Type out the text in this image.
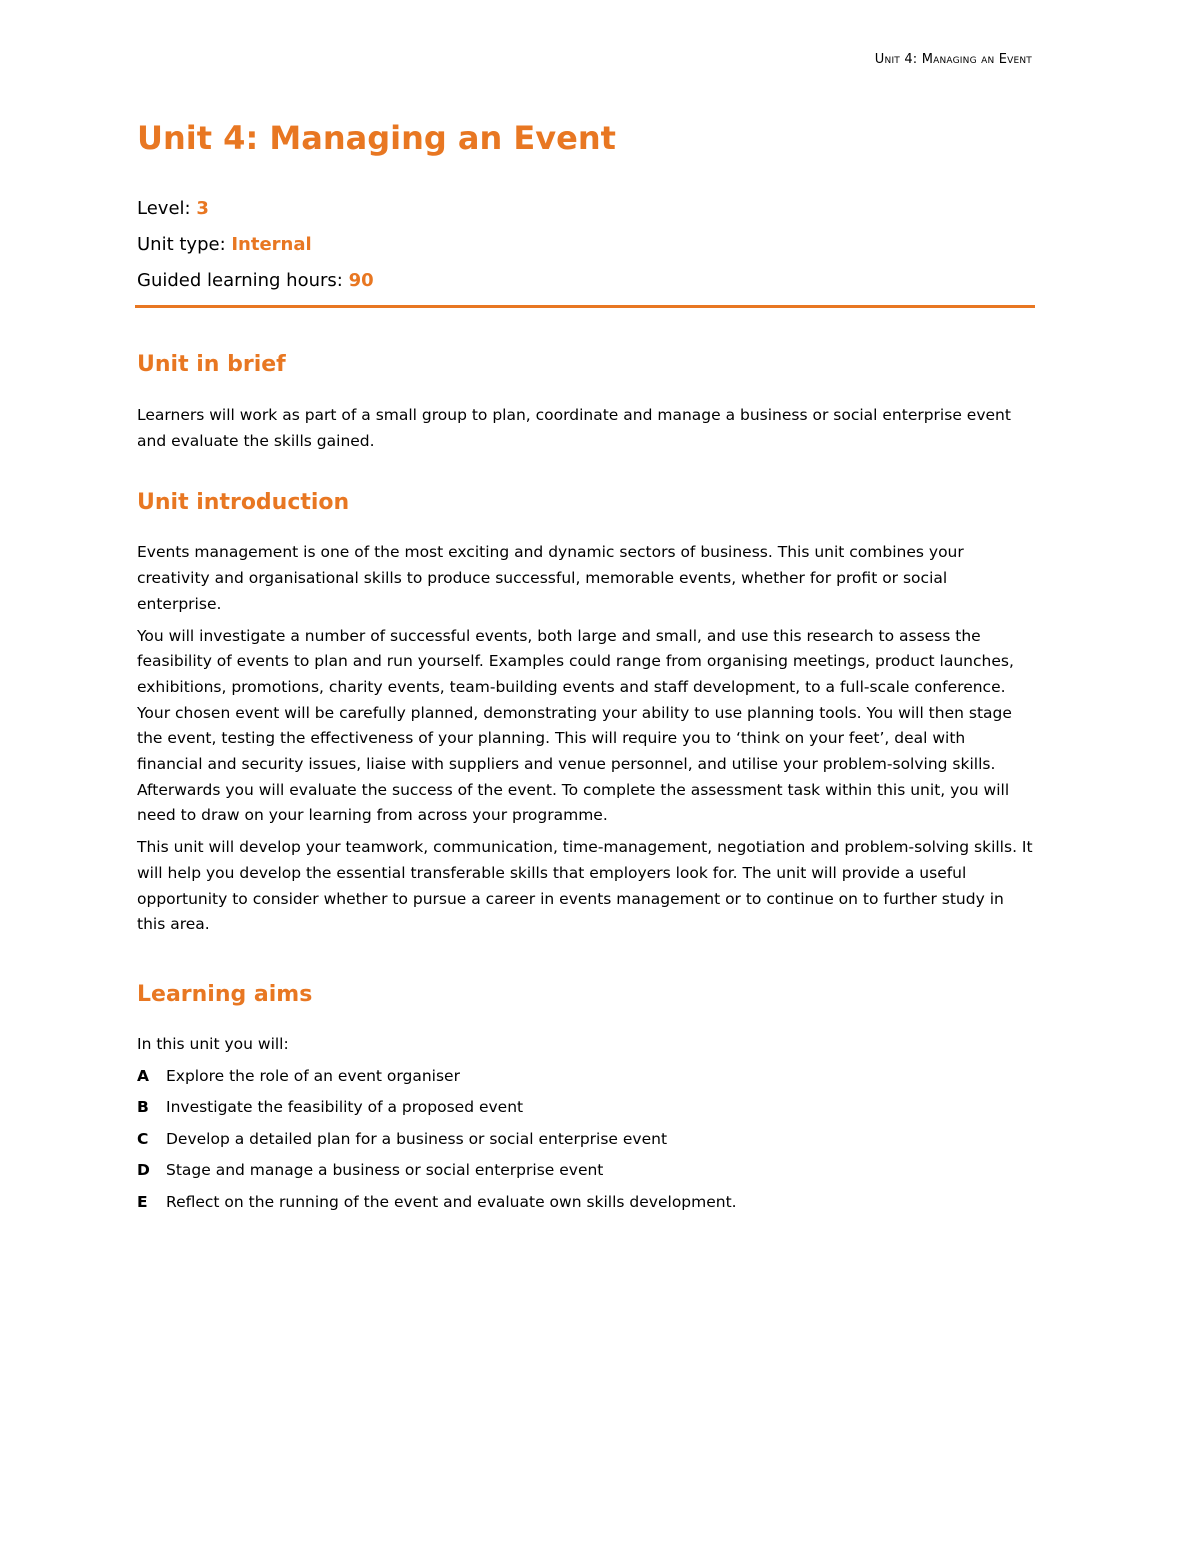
Unit 4: Managing an Event
Unit 4: Managing an Event

Level: 3

Unit type: Internal

Guided learning hours: 90

Unit in brief

Learners will work as part of a small group to plan, coordinate and manage a business or social enterprise event and evaluate the skills gained.

Unit introduction

Events management is one of the most exciting and dynamic sectors of business. This unit combines your creativity and organisational skills to produce successful, memorable events, whether for profit or social enterprise.

You will investigate a number of successful events, both large and small, and use this research to assess the feasibility of events to plan and run yourself. Examples could range from organising meetings, product launches, exhibitions, promotions, charity events, team-building events and staff development, to a full-scale conference. Your chosen event will be carefully planned, demonstrating your ability to use planning tools. You will then stage the event, testing the effectiveness of your planning. This will require you to ‘think on your feet’, deal with financial and security issues, liaise with suppliers and venue personnel, and utilise your problem-solving skills. Afterwards you will evaluate the success of the event. To complete the assessment task within this unit, you will need to draw on your learning from across your programme.

This unit will develop your teamwork, communication, time-management, negotiation and problem-solving skills. It will help you develop the essential transferable skills that employers look for. The unit will provide a useful opportunity to consider whether to pursue a career in events management or to continue on to further study in this area.

Learning aims

In this unit you will:

A	Explore the role of an event organiser
B	Investigate the feasibility of a proposed event
C	Develop a detailed plan for a business or social enterprise event
D	Stage and manage a business or social enterprise event
E	Reflect on the running of the event and evaluate own skills development.
